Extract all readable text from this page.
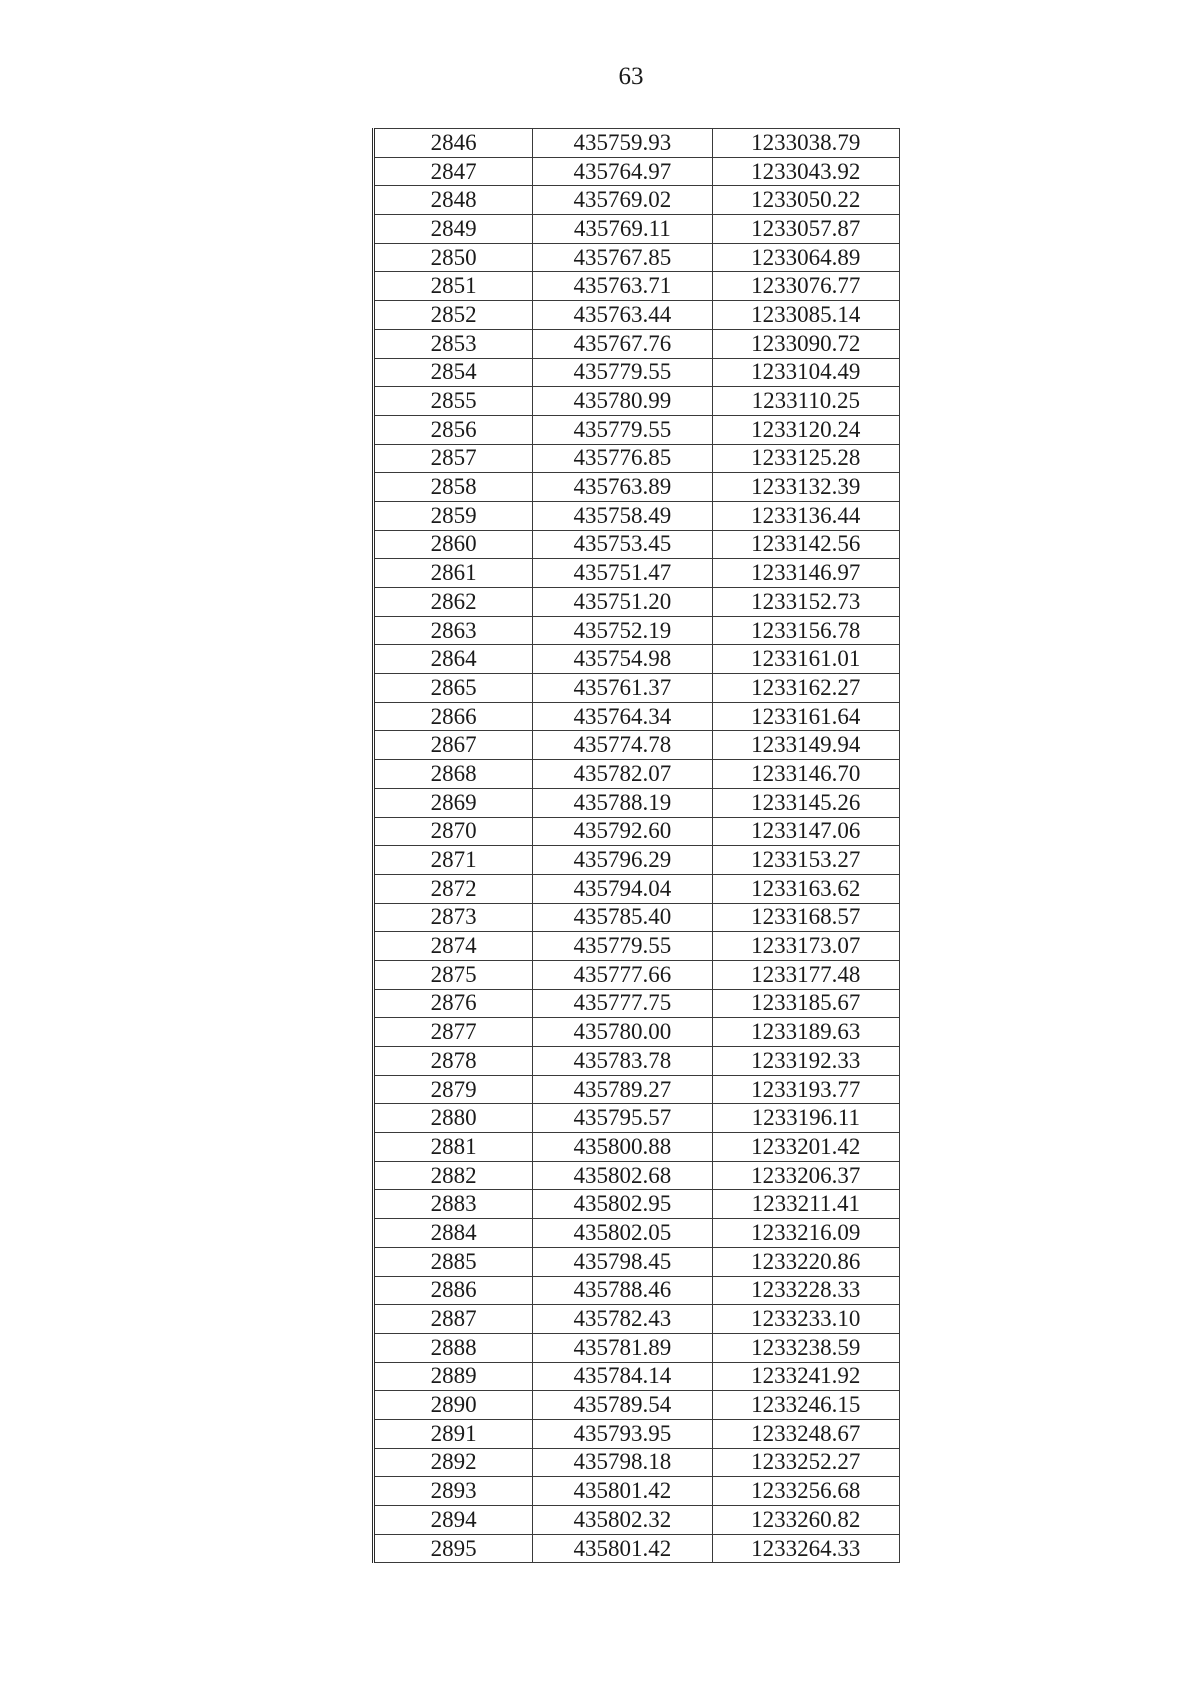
63
2846	435759.93	1233038.79
2847	435764.97	1233043.92
2848	435769.02	1233050.22
2849	435769.11	1233057.87
2850	435767.85	1233064.89
2851	435763.71	1233076.77
2852	435763.44	1233085.14
2853	435767.76	1233090.72
2854	435779.55	1233104.49
2855	435780.99	1233110.25
2856	435779.55	1233120.24
2857	435776.85	1233125.28
2858	435763.89	1233132.39
2859	435758.49	1233136.44
2860	435753.45	1233142.56
2861	435751.47	1233146.97
2862	435751.20	1233152.73
2863	435752.19	1233156.78
2864	435754.98	1233161.01
2865	435761.37	1233162.27
2866	435764.34	1233161.64
2867	435774.78	1233149.94
2868	435782.07	1233146.70
2869	435788.19	1233145.26
2870	435792.60	1233147.06
2871	435796.29	1233153.27
2872	435794.04	1233163.62
2873	435785.40	1233168.57
2874	435779.55	1233173.07
2875	435777.66	1233177.48
2876	435777.75	1233185.67
2877	435780.00	1233189.63
2878	435783.78	1233192.33
2879	435789.27	1233193.77
2880	435795.57	1233196.11
2881	435800.88	1233201.42
2882	435802.68	1233206.37
2883	435802.95	1233211.41
2884	435802.05	1233216.09
2885	435798.45	1233220.86
2886	435788.46	1233228.33
2887	435782.43	1233233.10
2888	435781.89	1233238.59
2889	435784.14	1233241.92
2890	435789.54	1233246.15
2891	435793.95	1233248.67
2892	435798.18	1233252.27
2893	435801.42	1233256.68
2894	435802.32	1233260.82
2895	435801.42	1233264.33
